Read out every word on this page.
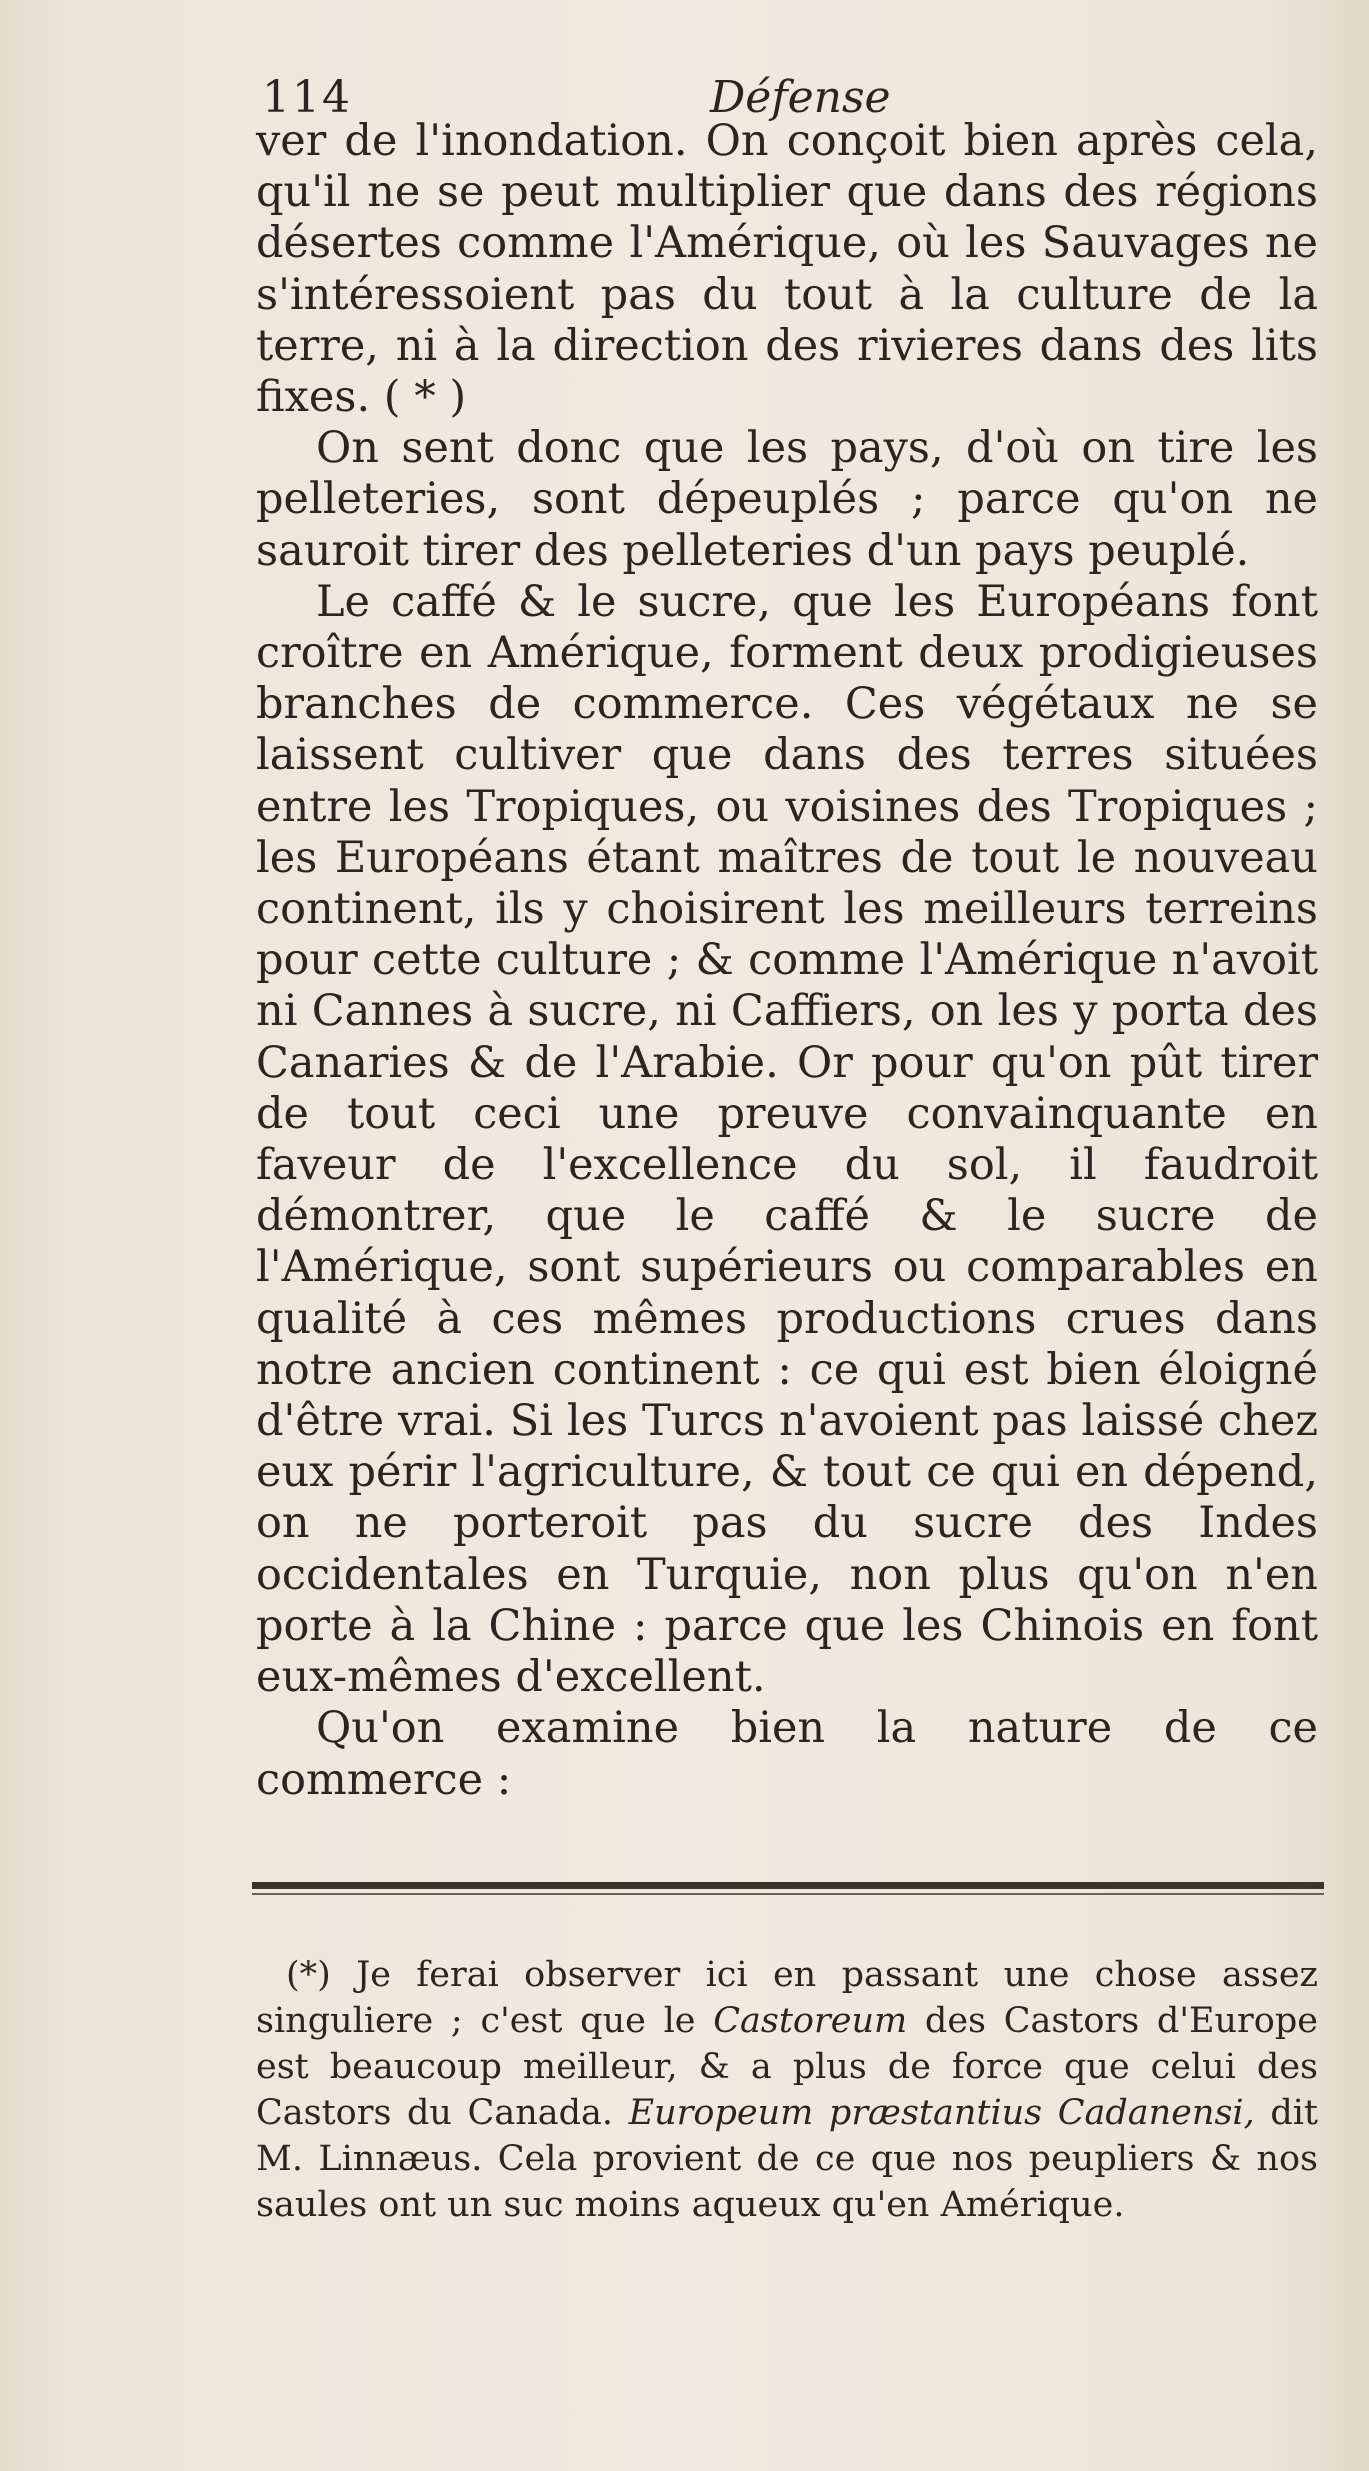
114	Défense

ver de l'inondation. On conçoit bien après cela, qu'il ne se peut multiplier que dans des régions désertes comme l'Amérique, où les Sauvages ne s'intéressoient pas du tout à la culture de la terre, ni à la direction des rivieres dans des lits fixes. ( * )

On sent donc que les pays, d'où on tire les pelleteries, sont dépeuplés ; parce qu'on ne sauroit tirer des pelleteries d'un pays peuplé.

Le caffé & le sucre, que les Européans font croître en Amérique, forment deux prodigieuses branches de commerce. Ces végétaux ne se laissent cultiver que dans des terres situées entre les Tropiques, ou voisines des Tropiques ; les Européans étant maîtres de tout le nouveau continent, ils y choisirent les meilleurs terreins pour cette culture ; & comme l'Amérique n'avoit ni Cannes à sucre, ni Caffiers, on les y porta des Canaries & de l'Arabie. Or pour qu'on pût tirer de tout ceci une preuve convainquante en faveur de l'excellence du sol, il faudroit démontrer, que le caffé & le sucre de l'Amérique, sont supérieurs ou comparables en qualité à ces mêmes productions crues dans notre ancien continent : ce qui est bien éloigné d'être vrai. Si les Turcs n'avoient pas laissé chez eux périr l'agriculture, & tout ce qui en dépend, on ne porteroit pas du sucre des Indes occidentales en Turquie, non plus qu'on n'en porte à la Chine : parce que les Chinois en font eux-mêmes d'excellent.

Qu'on examine bien la nature de ce commerce :

(*) Je ferai observer ici en passant une chose assez singuliere ; c'est que le Castoreum des Castors d'Europe est beaucoup meilleur, & a plus de force que celui des Castors du Canada. Europeum præstantius Cadanensi, dit M. Linnæus. Cela provient de ce que nos peupliers & nos saules ont un suc moins aqueux qu'en Amérique.
